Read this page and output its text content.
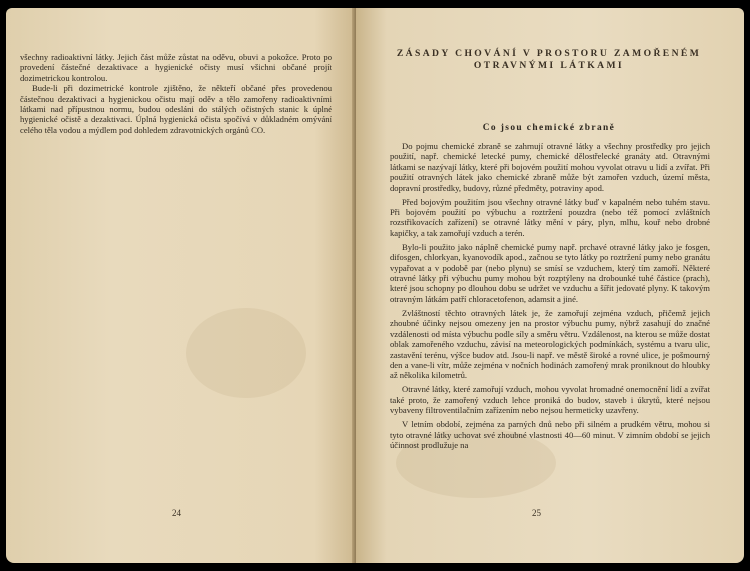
všechny radioaktivní látky. Jejich část může zůstat na oděvu, obuvi a pokožce. Proto po provedení částečné dezaktivace a hygienické očisty musí všichni občané projít dozimetrickou kontrolou.

Bude-li při dozimetrické kontrole zjištěno, že někteří občané přes provedenou částečnou dezaktivaci a hygienickou očistu mají oděv a tělo zamořeny radioaktivními látkami nad přípustnou normu, budou odesláni do stálých očistných stanic k úplné hygienické očistě a dezaktivaci. Úplná hygienická očista spočívá v důkladném omývání celého těla vodou a mýdlem pod dohledem zdravotnických orgánů CO.

24
ZÁSADY CHOVÁNÍ V PROSTORU ZAMOŘENÉM
OTRAVNÝMI LÁTKAMI
Co jsou chemické zbraně

Do pojmu chemické zbraně se zahrnují otravné látky a všechny prostředky pro jejich použití, např. chemické letecké pumy, chemické dělostřelecké granáty atd. Otravnými látkami se nazývají látky, které při bojovém použití mohou vyvolat otravu u lidí a zvířat. Při použití otravných látek jako chemické zbraně může být zamořen vzduch, území města, dopravní prostředky, budovy, různé předměty, potraviny apod.

Před bojovým použitím jsou všechny otravné látky buď v kapalném nebo tuhém stavu. Při bojovém použití po výbuchu a roztržení pouzdra (nebo též pomocí zvláštních rozstřikovacích zařízení) se otravné látky mění v páry, plyn, mlhu, kouř nebo drobné kapičky, a tak zamořují vzduch a terén.

Bylo-li použito jako náplně chemické pumy např. prchavé otravné látky jako je fosgen, difosgen, chlorkyan, kyanovodík apod., začnou se tyto látky po roztržení pumy nebo granátu vypařovat a v podobě par (nebo plynu) se smísí se vzduchem, který tím zamoří. Některé otravné látky při výbuchu pumy mohou být rozptýleny na drobounké tuhé částice (prach), které jsou schopny po dlouhou dobu se udržet ve vzduchu a šířit jedovaté plyny. K takovým otravným látkám patří chloracetofenon, adamsit a jiné.

Zvláštností těchto otravných látek je, že zamořují zejména vzduch, přičemž jejich zhoubné účinky nejsou omezeny jen na prostor výbuchu pumy, nýbrž zasahují do značné vzdálenosti od místa výbuchu podle síly a směru větru. Vzdálenost, na kterou se může dostat oblak zamořeného vzduchu, závisí na meteorologických podmínkách, systému a tvaru ulic, zastavění terénu, výšce budov atd. Jsou-li např. ve městě široké a rovné ulice, je pošmourný den a vane-li vítr, může zejména v nočních hodinách zamořený mrak proniknout do hloubky až několika kilometrů.

Otravné látky, které zamořují vzduch, mohou vyvolat hromadné onemocnění lidí a zvířat také proto, že zamořený vzduch lehce proniká do budov, staveb i úkrytů, které nejsou vybaveny filtroventilačním zařízením nebo nejsou hermeticky uzavřeny.

V letním období, zejména za parných dnů nebo při silném a prudkém větru, mohou si tyto otravné látky uchovat své zhoubné vlastnosti 40—60 minut. V zimním období se jejich účinnost prodlužuje na

25
